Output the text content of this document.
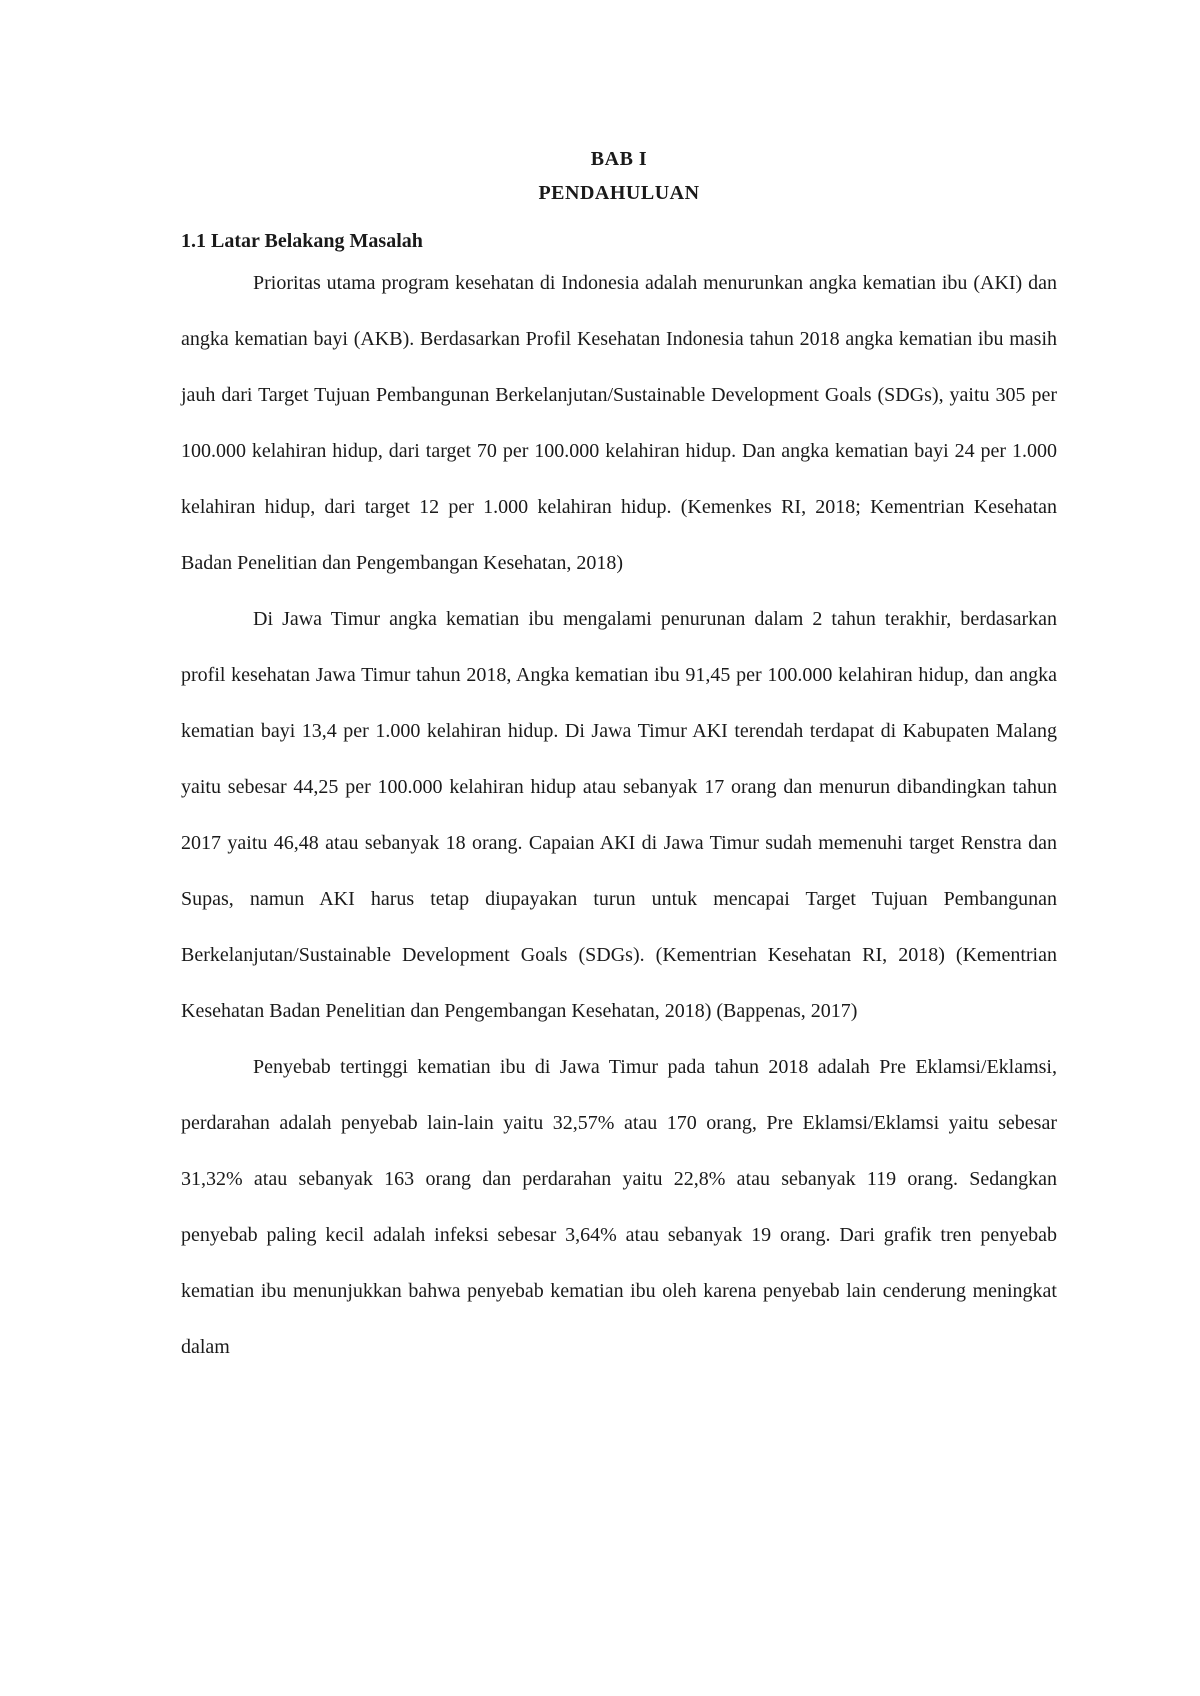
BAB I

PENDAHULUAN

1.1 Latar Belakang Masalah

Prioritas utama program kesehatan di Indonesia adalah menurunkan angka kematian ibu (AKI) dan angka kematian bayi (AKB). Berdasarkan Profil Kesehatan Indonesia tahun 2018 angka kematian ibu masih jauh dari Target Tujuan Pembangunan Berkelanjutan/Sustainable Development Goals (SDGs), yaitu 305 per 100.000 kelahiran hidup, dari target 70 per 100.000 kelahiran hidup. Dan angka kematian bayi 24 per 1.000 kelahiran hidup, dari target 12 per 1.000 kelahiran hidup. (Kemenkes RI, 2018; Kementrian Kesehatan Badan Penelitian dan Pengembangan Kesehatan, 2018)

Di Jawa Timur angka kematian ibu mengalami penurunan dalam 2 tahun terakhir, berdasarkan profil kesehatan Jawa Timur tahun 2018, Angka kematian ibu 91,45 per 100.000 kelahiran hidup, dan angka kematian bayi 13,4 per 1.000 kelahiran hidup. Di Jawa Timur AKI terendah terdapat di Kabupaten Malang yaitu sebesar 44,25 per 100.000 kelahiran hidup atau sebanyak 17 orang dan menurun dibandingkan tahun 2017 yaitu 46,48 atau sebanyak 18 orang. Capaian AKI di Jawa Timur sudah memenuhi target Renstra dan Supas, namun AKI harus tetap diupayakan turun untuk mencapai Target Tujuan Pembangunan Berkelanjutan/Sustainable Development Goals (SDGs). (Kementrian Kesehatan RI, 2018) (Kementrian Kesehatan Badan Penelitian dan Pengembangan Kesehatan, 2018) (Bappenas, 2017)

Penyebab tertinggi kematian ibu di Jawa Timur pada tahun 2018 adalah Pre Eklamsi/Eklamsi, perdarahan adalah penyebab lain-lain yaitu 32,57% atau 170 orang, Pre Eklamsi/Eklamsi yaitu sebesar 31,32% atau sebanyak 163 orang dan perdarahan yaitu 22,8% atau sebanyak 119 orang. Sedangkan penyebab paling kecil adalah infeksi sebesar 3,64% atau sebanyak 19 orang. Dari grafik tren penyebab kematian ibu menunjukkan bahwa penyebab kematian ibu oleh karena penyebab lain cenderung meningkat dalam
